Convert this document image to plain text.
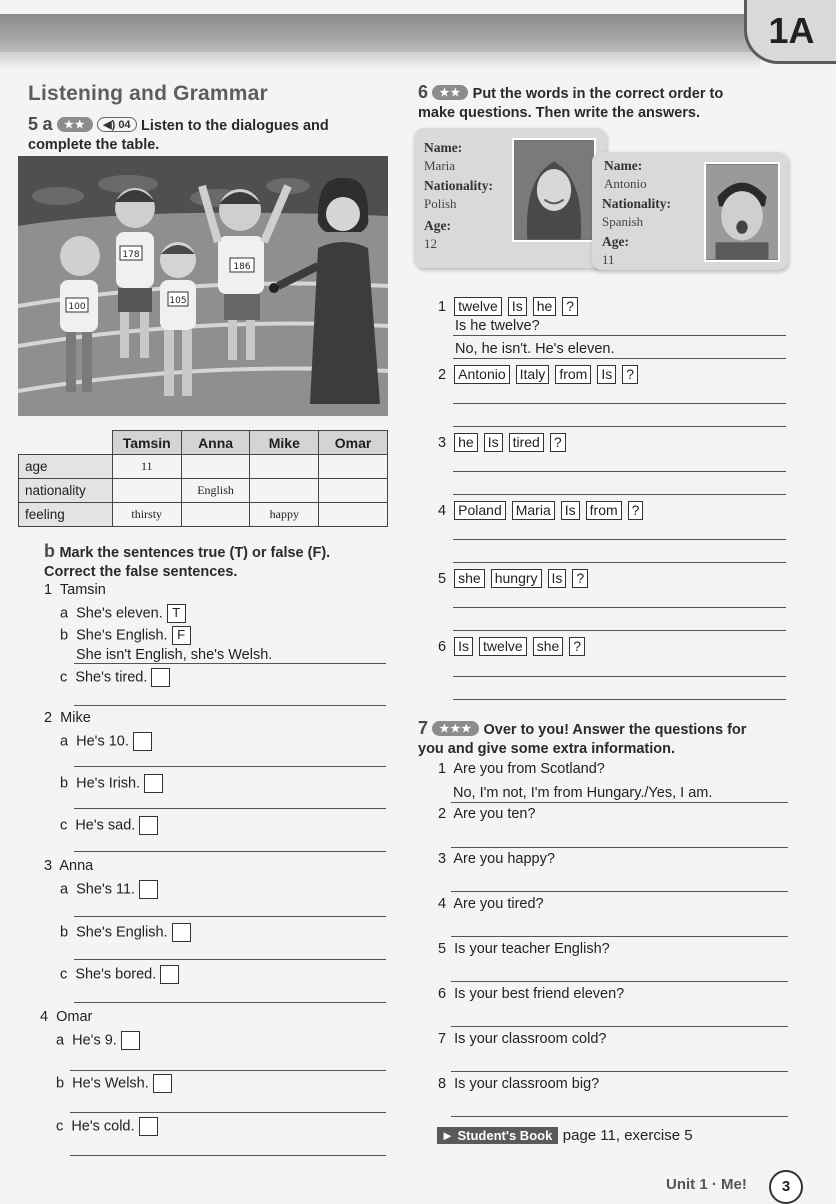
1A
Listening and Grammar
5 a ★★ ◀) 04 Listen to the dialogues and complete the table.
100
178
105
186
	Tamsin	Anna	Mike	Omar
age	11			
nationality		English		
feeling	thirsty		happy	
b Mark the sentences true (T) or false (F). Correct the false sentences.
1 Tamsin
a She's eleven. T
b She's English. F
She isn't English, she's Welsh.
c She's tired.
2 Mike
a He's 10.
b He's Irish.
c He's sad.
3 Anna
a She's 11.
b She's English.
c She's bored.
4 Omar
a He's 9.
b He's Welsh.
c He's cold.
6 ★★ Put the words in the correct order to make questions. Then write the answers.
Name:
Maria
Nationality:
Polish
Age:
12
Name:
Antonio
Nationality:
Spanish
Age:
11
1 twelve Is he ?
Is he twelve?
No, he isn't. He's eleven.
2 Antonio Italy from Is ?
3 he Is tired ?
4 Poland Maria Is from ?
5 she hungry Is ?
6 Is twelve she ?
7 ★★★ Over to you! Answer the questions for you and give some extra information.
1 Are you from Scotland?
No, I'm not, I'm from Hungary./Yes, I am.
2 Are you ten?
3 Are you happy?
4 Are you tired?
5 Is your teacher English?
6 Is your best friend eleven?
7 Is your classroom cold?
8 Is your classroom big?
► Student's Book page 11, exercise 5
Unit 1 · Me!	3
